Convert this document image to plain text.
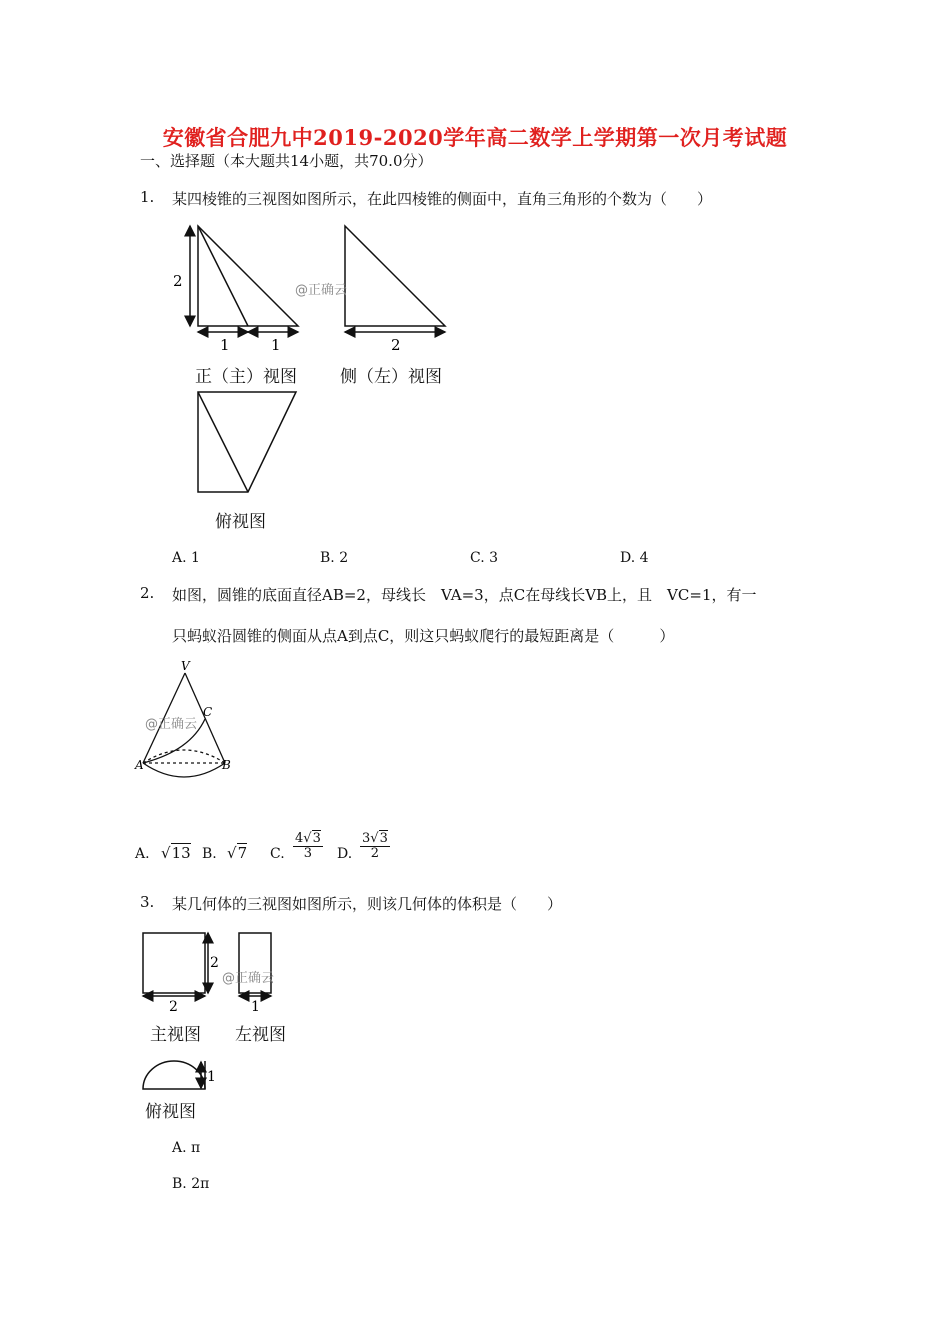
安徽省合肥九中2019-2020学年高二数学上学期第一次月考试题
一、选择题（本大题共14小题，共70.0分）
1. 某四棱锥的三视图如图所示，在此四棱锥的侧面中，直角三角形的个数为（　　）
2
1	1	2
@正确云
正（主）视图	侧（左）视图
俯视图
A. 1	B. 2	C. 3	D. 4
2. 如图，圆锥的底面直径AB=2，母线长　VA=3，点C在母线长VB上，且　VC=1，有一
只蚂蚁沿圆锥的侧面从点A到点C，则这只蚂蚁爬行的最短距离是（　　　）
V
C
A	B
@正确云
A. √13 B. √7 C. $\frac{4√3}{3} D$. $\frac{3√3}{2}$
3. 某几何体的三视图如图所示，则该几何体的体积是（　　）
2
2	1
1
@正确云
主视图 左视图
俯视图
A. π
B. 2π
